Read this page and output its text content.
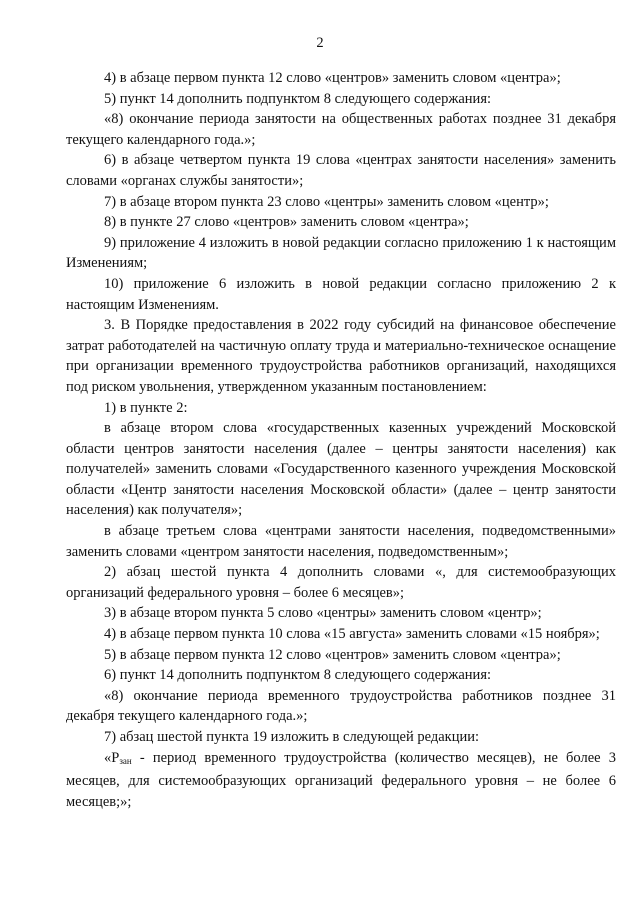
2

4) в абзаце первом пункта 12 слово «центров» заменить словом «центра»;

5) пункт 14 дополнить подпунктом 8 следующего содержания:

«8) окончание периода занятости на общественных работах позднее 31 декабря текущего календарного года.»;

6) в абзаце четвертом пункта 19 слова «центрах занятости населения» заменить словами «органах службы занятости»;

7) в абзаце втором пункта 23 слово «центры» заменить словом «центр»;

8) в пункте 27 слово «центров» заменить словом «центра»;

9) приложение 4 изложить в новой редакции согласно приложению 1 к настоящим Изменениям;

10) приложение 6 изложить в новой редакции согласно приложению 2 к настоящим Изменениям.

3. В Порядке предоставления в 2022 году субсидий на финансовое обеспечение затрат работодателей на частичную оплату труда и материально-техническое оснащение при организации временного трудоустройства работников организаций, находящихся под риском увольнения, утвержденном указанным постановлением:

1) в пункте 2:

в абзаце втором слова «государственных казенных учреждений Московской области центров занятости населения (далее – центры занятости населения) как получателей» заменить словами «Государственного казенного учреждения Московской области «Центр занятости населения Московской области» (далее – центр занятости населения) как получателя»;

в абзаце третьем слова «центрами занятости населения, подведомственными» заменить словами «центром занятости населения, подведомственным»;

2) абзац шестой пункта 4 дополнить словами «, для системообразующих организаций федерального уровня – более 6 месяцев»;

3) в абзаце втором пункта 5 слово «центры» заменить словом «центр»;

4) в абзаце первом пункта 10 слова «15 августа» заменить словами «15 ноября»;

5) в абзаце первом пункта 12 слово «центров» заменить словом «центра»;

6) пункт 14 дополнить подпунктом 8 следующего содержания:

«8) окончание периода временного трудоустройства работников позднее 31 декабря текущего календарного года.»;

7) абзац шестой пункта 19 изложить в следующей редакции:

«$Р_{зан}$ - период временного трудоустройства (количество месяцев), не более 3 месяцев, для системообразующих организаций федерального уровня – не более 6 месяцев;»;
